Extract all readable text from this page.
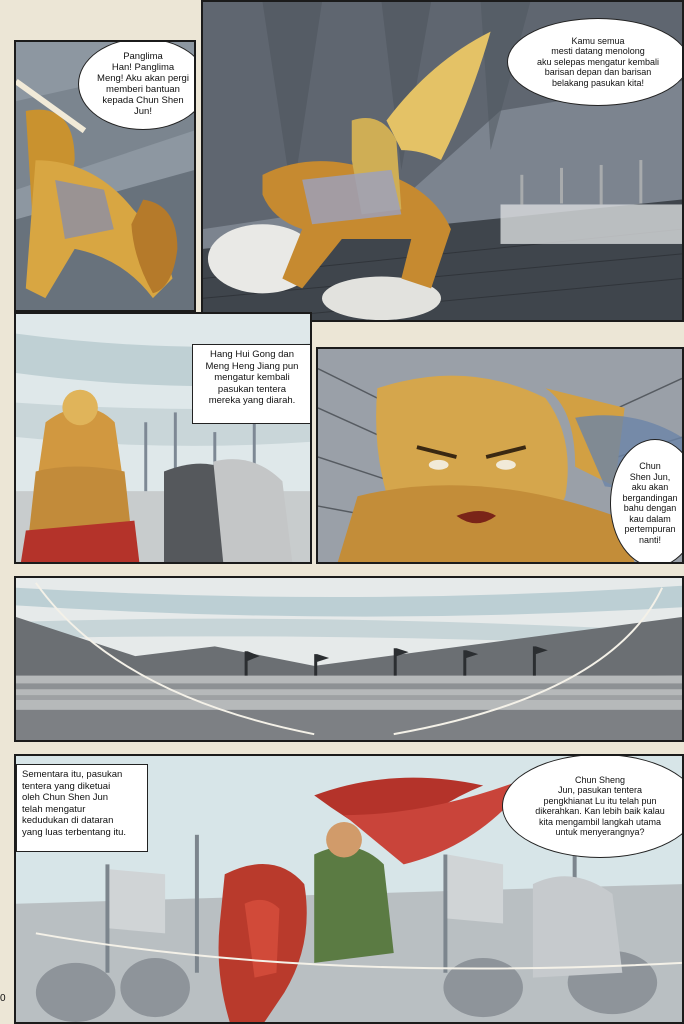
Panglima
Han! Panglima
Meng! Aku akan pergi
memberi bantuan
kepada Chun Shen
Jun!
Kamu semua
mesti datang menolong
aku selepas mengatur kembali
barisan depan dan barisan
belakang pasukan kita!
Hang Hui Gong dan
Meng Heng Jiang pun
mengatur kembali
pasukan tentera
mereka yang diarah.
Chun
Shen Jun,
aku akan
bergandingan
bahu dengan
kau dalam
pertempuran
nanti!
Sementara itu, pasukan
tentera yang diketuai
oleh Chun Shen Jun
telah mengatur
kedudukan di dataran
yang luas terbentang itu.
Chun Sheng
Jun, pasukan tentera
pengkhianat Lu itu telah pun
dikerahkan. Kan lebih baik kalau
kita mengambil langkah utama
untuk menyerangnya?
0
